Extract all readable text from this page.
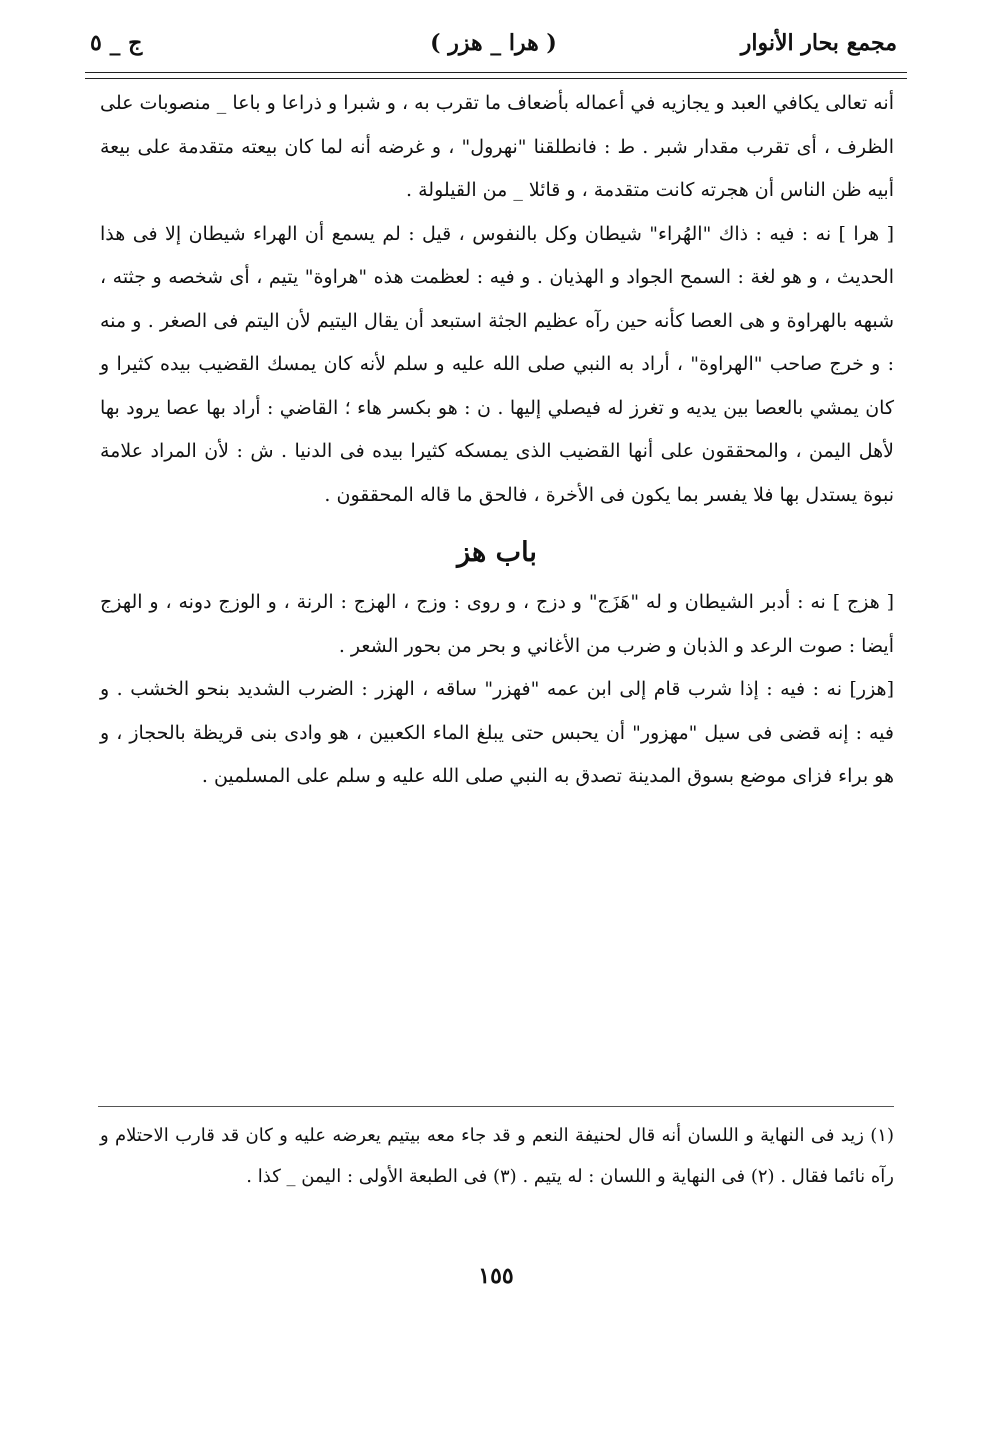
مجمع بحار الأنوار
( هرا _ هزر )
ج _ ٥

أنه تعالى يكافي العبد و يجازيه في أعماله بأضعاف ما تقرب به ، و شبرا و ذراعا و باعا _ منصوبات على الظرف ، أى تقرب مقدار شبر . ط : فانطلقنا "نهرول" ، و غرضه أنه لما كان بيعته متقدمة على بيعة أبيه ظن الناس أن هجرته كانت متقدمة ، و قائلا _ من القيلولة .

[ هرا ] نه : فيه : ذاك "الهُراء" شيطان وكل بالنفوس ، قيل : لم يسمع أن الهراء شيطان إلا فى هذا الحديث ، و هو لغة : السمح الجواد و الهذيان . و فيه : لعظمت هذه "هراوة" يتيم ، أى شخصه و جثته ، شبهه بالهراوة و هى العصا كأنه حين رآه عظيم الجثة استبعد أن يقال اليتيم لأن اليتم فى الصغر . و منه : و خرج صاحب "الهراوة" ، أراد به النبي صلى الله عليه و سلم لأنه كان يمسك القضيب بيده كثيرا و كان يمشي بالعصا بين يديه و تغرز له فيصلي إليها . ن : هو بكسر هاء ؛ القاضي : أراد بها عصا يرود بها لأهل اليمن ، والمحققون على أنها القضيب الذى يمسكه كثيرا بيده فى الدنيا . ش : لأن المراد علامة نبوة يستدل بها فلا يفسر بما يكون فى الأخرة ، فالحق ما قاله المحققون .

باب هز

[ هزج ] نه : أدبر الشيطان و له "هَزَج" و دزج ، و روى : وزج ، الهزج : الرنة ، و الوزج دونه ، و الهزج أيضا : صوت الرعد و الذبان و ضرب من الأغاني و بحر من بحور الشعر .

[هزر] نه : فيه : إذا شرب قام إلى ابن عمه "فهزر" ساقه ، الهزر : الضرب الشديد بنحو الخشب . و فيه : إنه قضى فى سيل "مهزور" أن يحبس حتى يبلغ الماء الكعبين ، هو وادى بنى قريظة بالحجاز ، و هو براء فزاى موضع بسوق المدينة تصدق به النبي صلى الله عليه و سلم على المسلمين .

(١) زيد فى النهاية و اللسان أنه قال لحنيفة النعم و قد جاء معه بيتيم يعرضه عليه و كان قد قارب الاحتلام و رآه نائما فقال . (٢) فى النهاية و اللسان : له يتيم . (٣) فى الطبعة الأولى : اليمن _ كذا .
١٥٥
